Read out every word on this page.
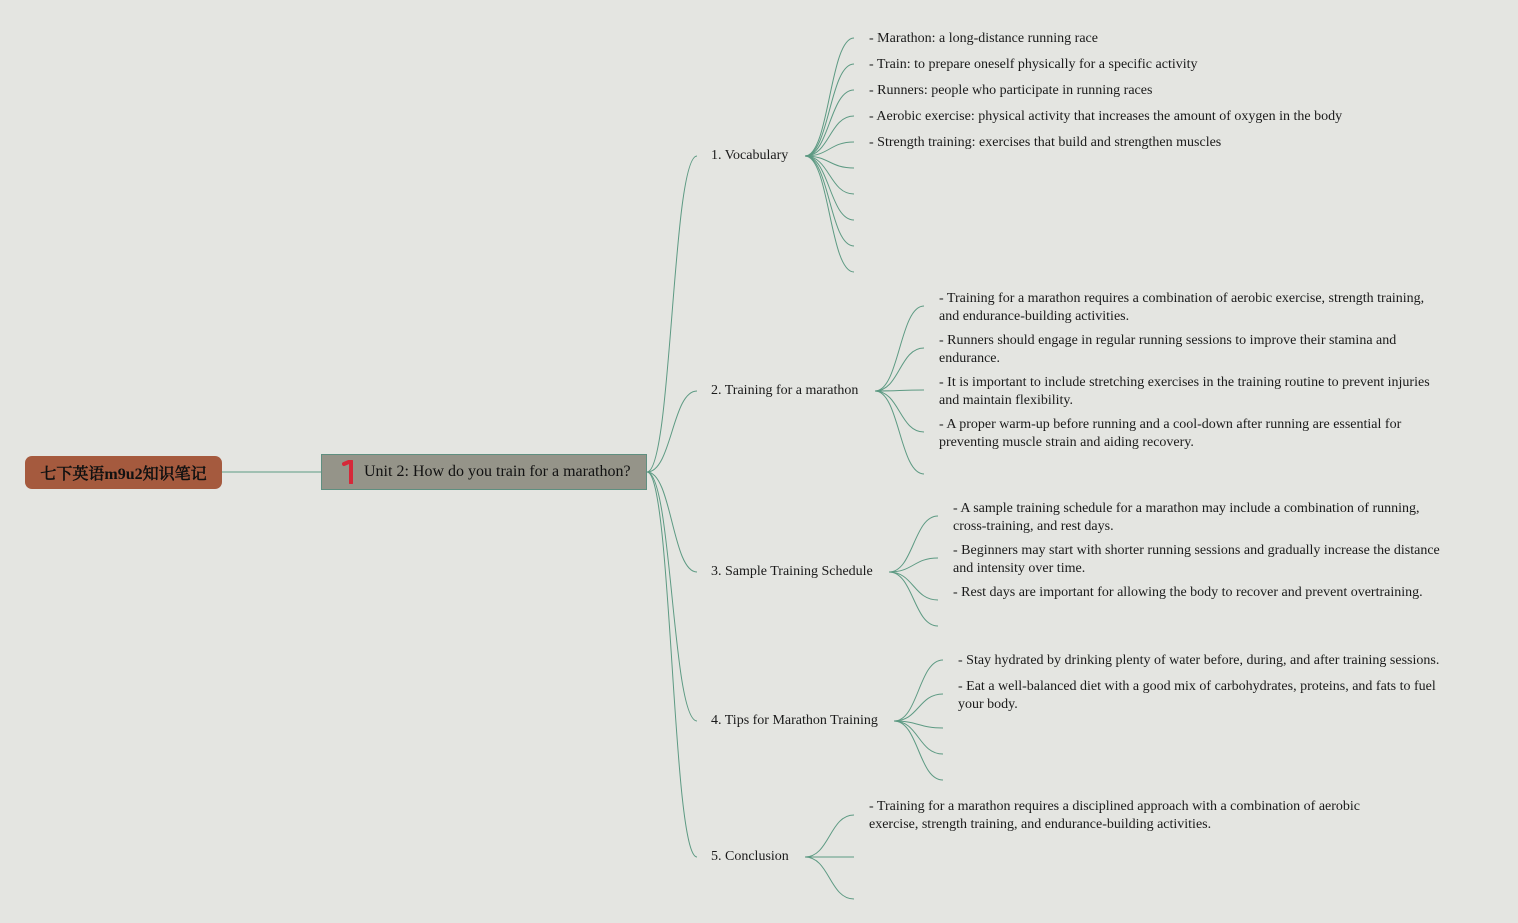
七下英语m9u2知识笔记	Unit 2: How do you train for a marathon?
1. Vocabulary
- Marathon: a long-distance running race
- Train: to prepare oneself physically for a specific activity
- Runners: people who participate in running races
- Aerobic exercise: physical activity that increases the amount of oxygen in the body
- Strength training: exercises that build and strengthen muscles
2. Training for a marathon
- Training for a marathon requires a combination of aerobic exercise, strength training, and endurance-building activities.
- Runners should engage in regular running sessions to improve their stamina and endurance.
- It is important to include stretching exercises in the training routine to prevent injuries and maintain flexibility.
- A proper warm-up before running and a cool-down after running are essential for preventing muscle strain and aiding recovery.
3. Sample Training Schedule
- A sample training schedule for a marathon may include a combination of running, cross-training, and rest days.
- Beginners may start with shorter running sessions and gradually increase the distance and intensity over time.
- Rest days are important for allowing the body to recover and prevent overtraining.
4. Tips for Marathon Training
- Stay hydrated by drinking plenty of water before, during, and after training sessions.
- Eat a well-balanced diet with a good mix of carbohydrates, proteins, and fats to fuel your body.
5. Conclusion
- Training for a marathon requires a disciplined approach with a combination of aerobic exercise, strength training, and endurance-building activities.
